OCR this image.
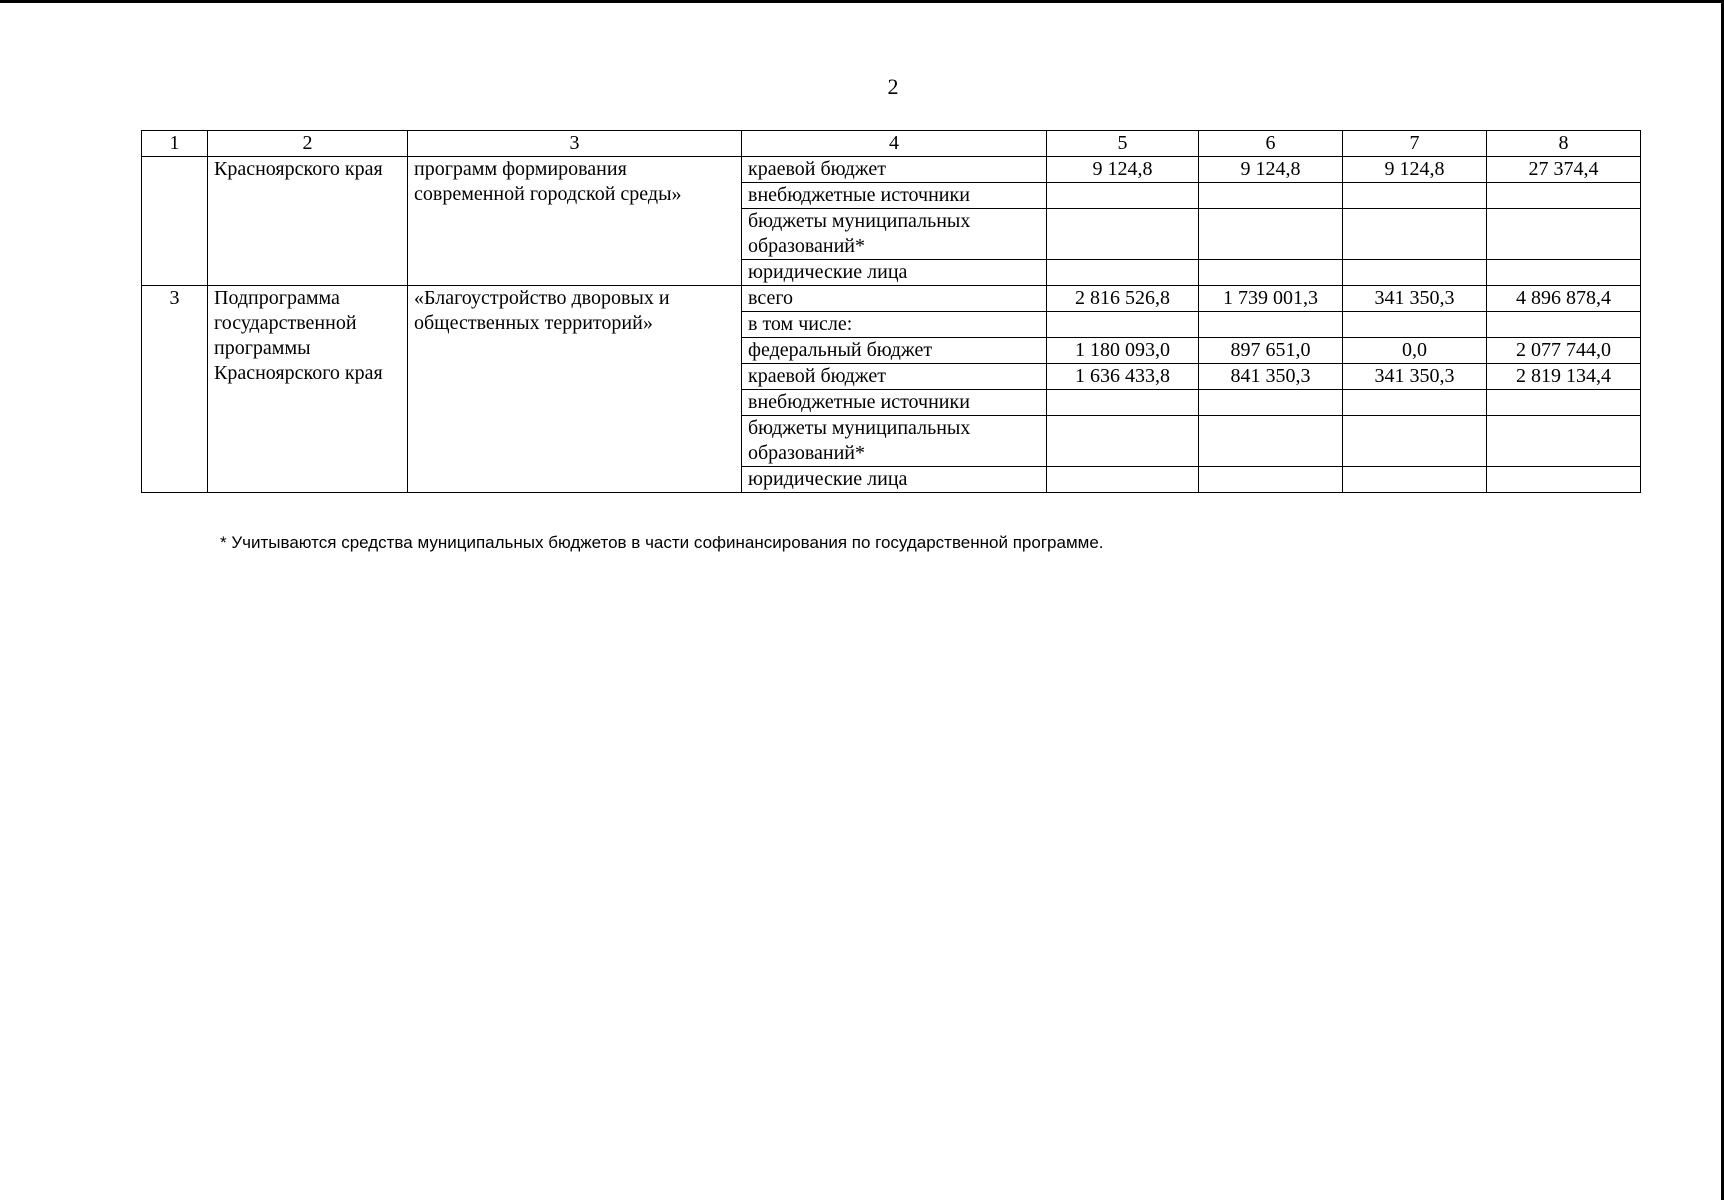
2
1	2	3	4	5	6	7	8
	Красноярского края	программ формирования современной городской среды»	краевой бюджет	9 124,8	9 124,8	9 124,8	27 374,4
			внебюджетные источники				
			бюджеты муниципальных образований*				
			юридические лица				
3	Подпрограмма государственной программы Красноярского края	«Благоустройство дворовых и общественных территорий»	всего	2 816 526,8	1 739 001,3	341 350,3	4 896 878,4
			в том числе:				
			федеральный бюджет	1 180 093,0	897 651,0	0,0	2 077 744,0
			краевой бюджет	1 636 433,8	841 350,3	341 350,3	2 819 134,4
			внебюджетные источники				
			бюджеты муниципальных образований*				
			юридические лица				
* Учитываются средства муниципальных бюджетов в части софинансирования по государственной программе.
